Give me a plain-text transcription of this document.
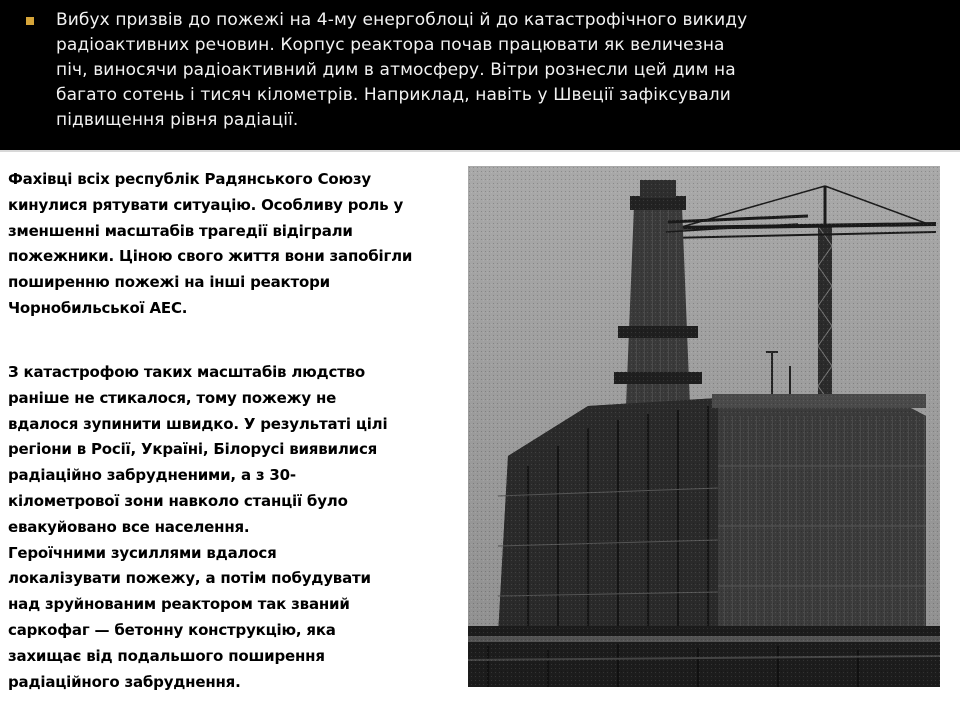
Вибух призвів до пожежі на 4-му енергоблоці й до катастрофічного викиду
радіоактивних речовин. Корпус реактора почав працювати як величезна
піч, виносячи радіоактивний дим в атмосферу. Вітри рознесли цей дим на
багато сотень і тисяч кілометрів. Наприклад, навіть у Швеції зафіксували
підвищення рівня радіації.

Фахівці всіх республік Радянського Союзу
кинулися рятувати ситуацію. Особливу роль у
зменшенні масштабів трагедії відіграли
пожежники. Ціною свого життя вони запобігли
поширенню пожежі на інші реактори
Чорнобильської АЕС.

З катастрофою таких масштабів людство
раніше не стикалося, тому пожежу не
вдалося зупинити швидко. У результаті цілі
регіони в Росії, Україні, Білорусі виявилися
радіаційно забрудненими, а з 30-
кілометрової зони навколо станції було
евакуйовано все населення.
Героїчними зусиллями вдалося
локалізувати пожежу, а потім побудувати
над зруйнованим реактором так званий
саркофаг — бетонну конструкцію, яка
захищає від подальшого поширення
радіаційного забруднення.
